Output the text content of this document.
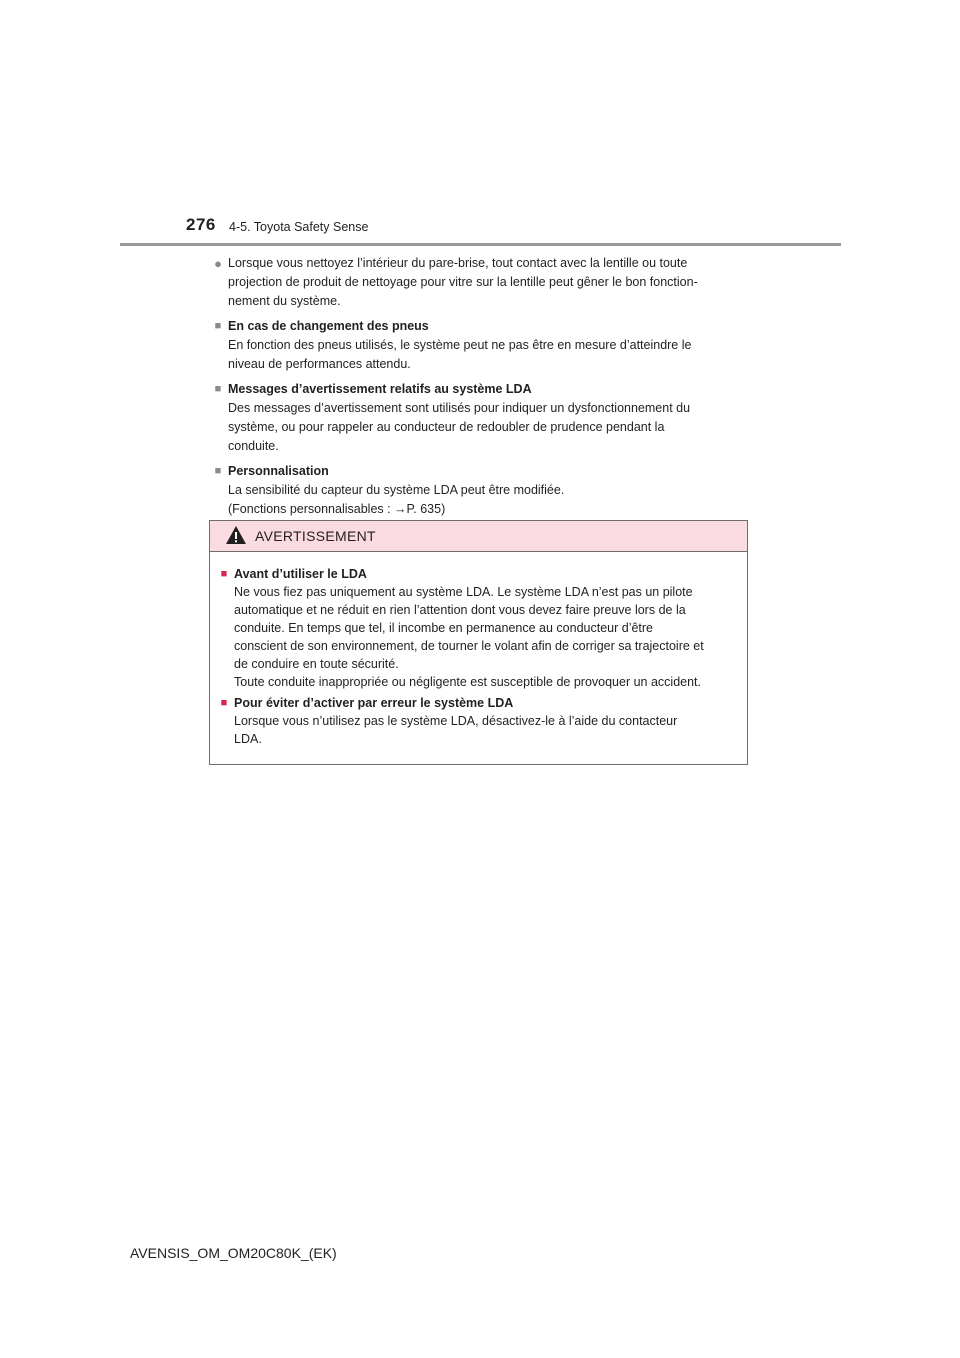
276 4-5. Toyota Safety Sense
● Lorsque vous nettoyez l’intérieur du pare-brise, tout contact avec la lentille ou toute
projection de produit de nettoyage pour vitre sur la lentille peut gêner le bon fonction-
nement du système.
■ En cas de changement des pneus
En fonction des pneus utilisés, le système peut ne pas être en mesure d’atteindre le
niveau de performances attendu.
■ Messages d’avertissement relatifs au système LDA
Des messages d’avertissement sont utilisés pour indiquer un dysfonctionnement du
système, ou pour rappeler au conducteur de redoubler de prudence pendant la
conduite.
■ Personnalisation
La sensibilité du capteur du système LDA peut être modifiée.
(Fonctions personnalisables : →P. 635)
AVERTISSEMENT
■ Avant d’utiliser le LDA
Ne vous fiez pas uniquement au système LDA. Le système LDA n’est pas un pilote
automatique et ne réduit en rien l’attention dont vous devez faire preuve lors de la
conduite. En temps que tel, il incombe en permanence au conducteur d’être
conscient de son environnement, de tourner le volant afin de corriger sa trajectoire et
de conduire en toute sécurité.
Toute conduite inappropriée ou négligente est susceptible de provoquer un accident.
■ Pour éviter d’activer par erreur le système LDA
Lorsque vous n’utilisez pas le système LDA, désactivez-le à l’aide du contacteur
LDA.
AVENSIS_OM_OM20C80K_(EK)
